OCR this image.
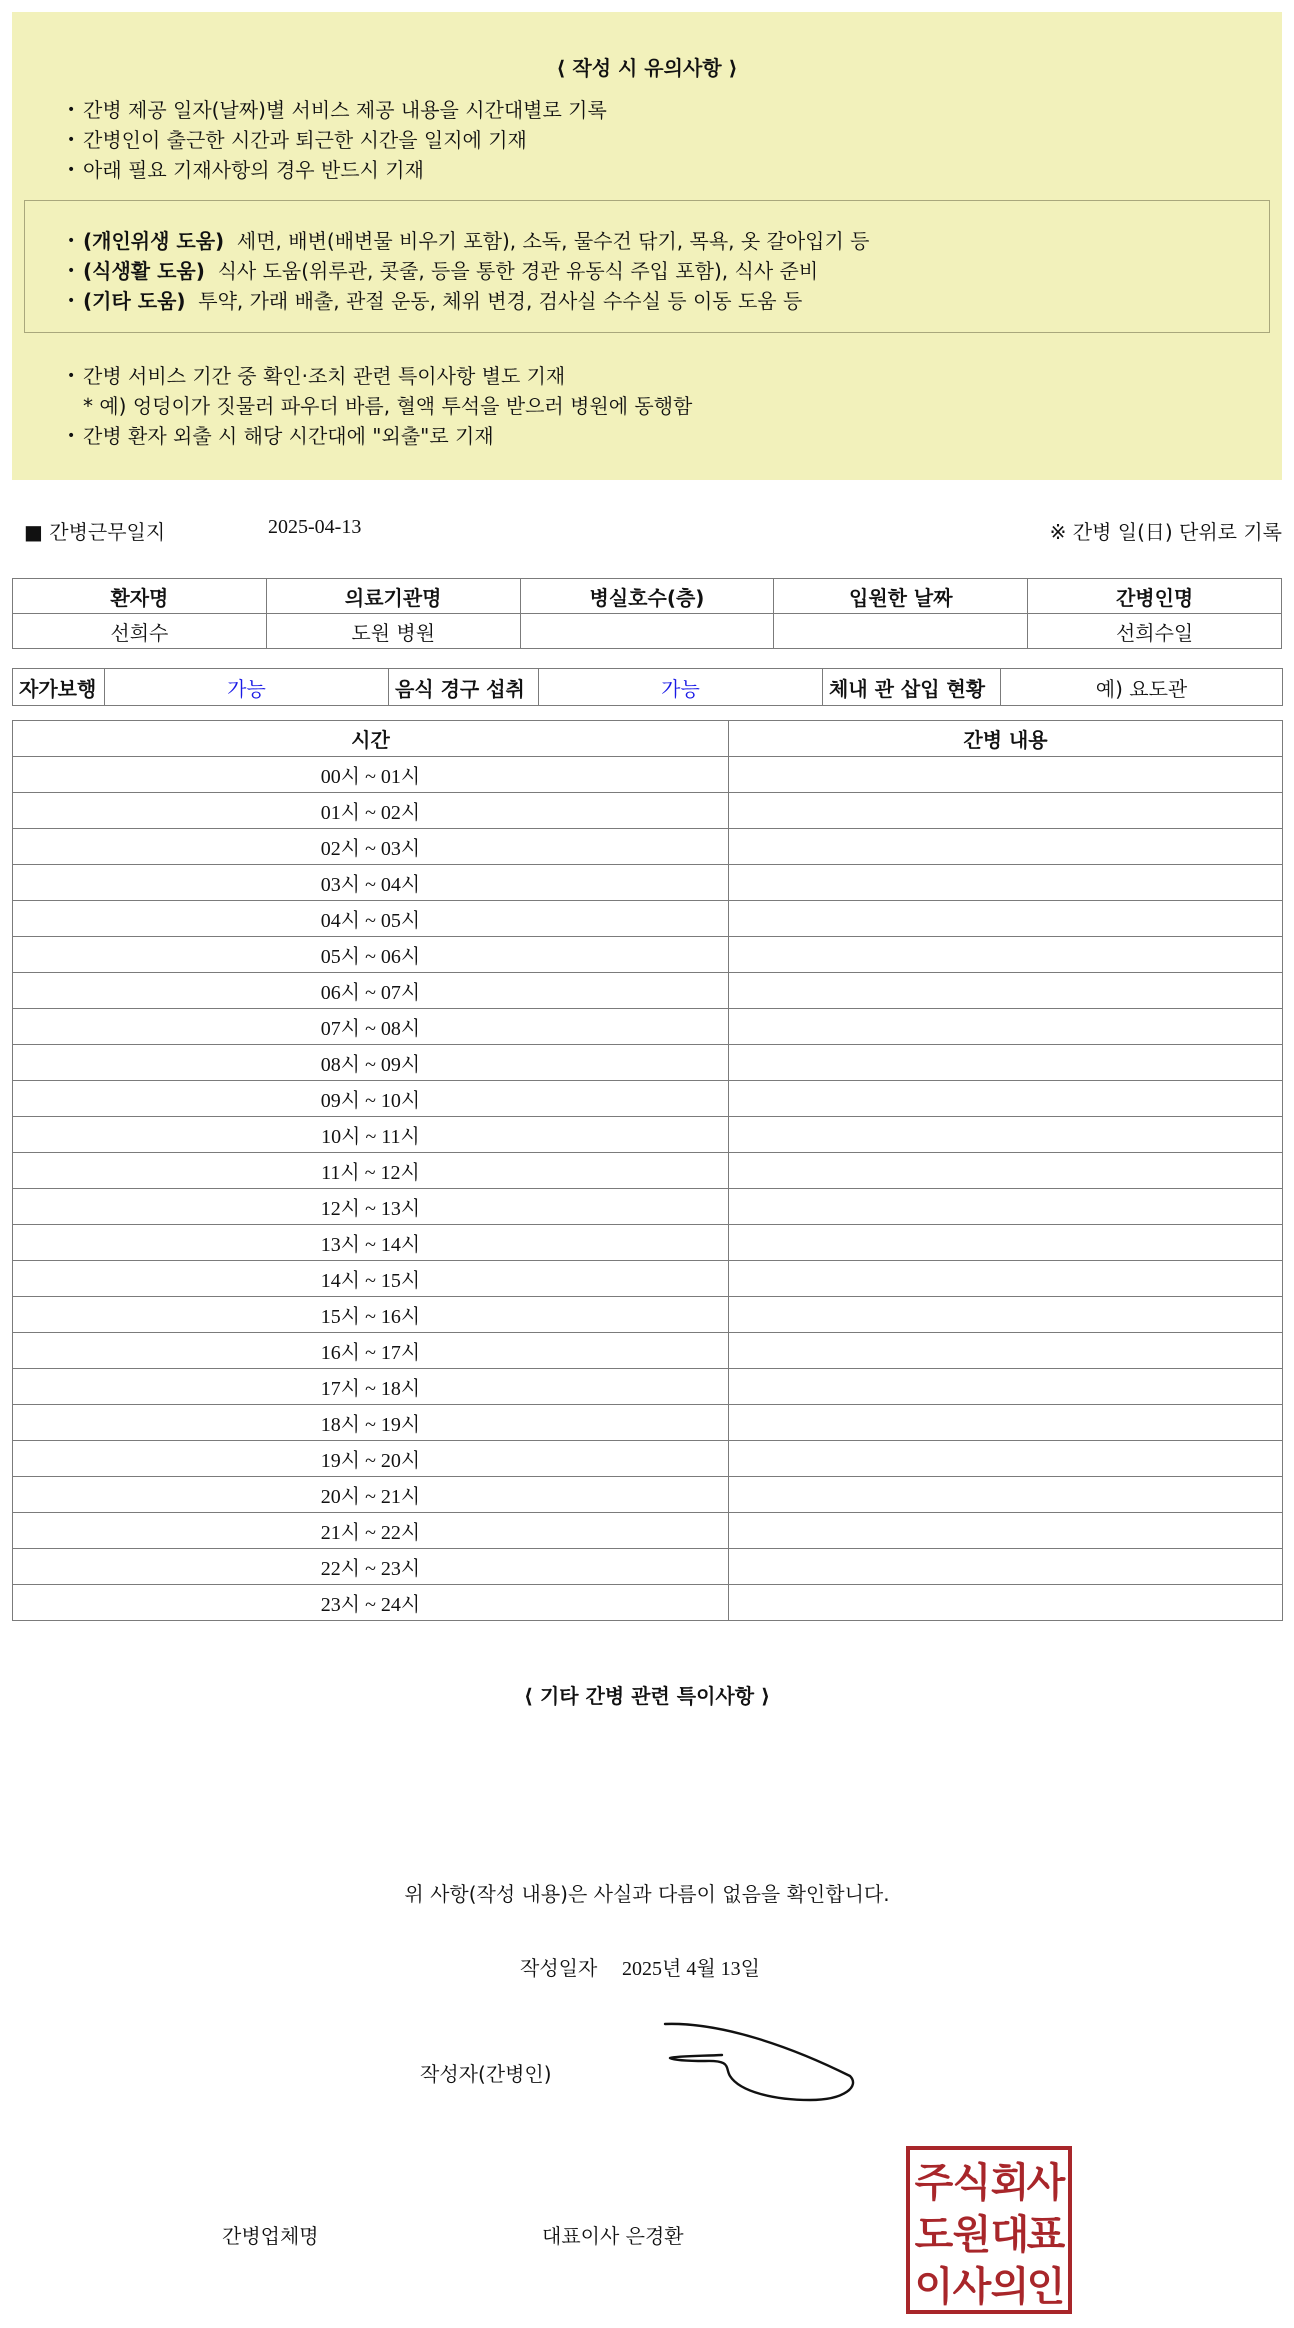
⟨ 작성 시 유의사항 ⟩
• 간병 제공 일자(날짜)별 서비스 제공 내용을 시간대별로 기록
• 간병인이 출근한 시간과 퇴근한 시간을 일지에 기재
• 아래 필요 기재사항의 경우 반드시 기재
• (개인위생 도움) 세면, 배변(배변물 비우기 포함), 소독, 물수건 닦기, 목욕, 옷 갈아입기 등
• (식생활 도움) 식사 도움(위루관, 콧줄, 등을 통한 경관 유동식 주입 포함), 식사 준비
• (기타 도움) 투약, 가래 배출, 관절 운동, 체위 변경, 검사실 수수실 등 이동 도움 등
• 간병 서비스 기간 중 확인·조치 관련 특이사항 별도 기재
* 예) 엉덩이가 짓물러 파우더 바름, 혈액 투석을 받으러 병원에 동행함
• 간병 환자 외출 시 해당 시간대에 "외출"로 기재
■ 간병근무일지	2025-04-13	※ 간병 일(日) 단위로 기록
환자명	의료기관명	병실호수(층)	입원한 날짜	간병인명
선희수	도원 병원			선희수일
자가보행	가능	음식 경구 섭취	가능	체내 관 삽입 현황	예) 요도관
시간	간병 내용
00시 ~ 01시	
01시 ~ 02시	
02시 ~ 03시	
03시 ~ 04시	
04시 ~ 05시	
05시 ~ 06시	
06시 ~ 07시	
07시 ~ 08시	
08시 ~ 09시	
09시 ~ 10시	
10시 ~ 11시	
11시 ~ 12시	
12시 ~ 13시	
13시 ~ 14시	
14시 ~ 15시	
15시 ~ 16시	
16시 ~ 17시	
17시 ~ 18시	
18시 ~ 19시	
19시 ~ 20시	
20시 ~ 21시	
21시 ~ 22시	
22시 ~ 23시	
23시 ~ 24시	
⟨ 기타 간병 관련 특이사항 ⟩
위 사항(작성 내용)은 사실과 다름이 없음을 확인합니다.
작성일자 2025년 4월 13일
작성자(간병인)
간병업체명	대표이사 은경환
주 식 회
사
도 원 대
표
이 사 의
인
